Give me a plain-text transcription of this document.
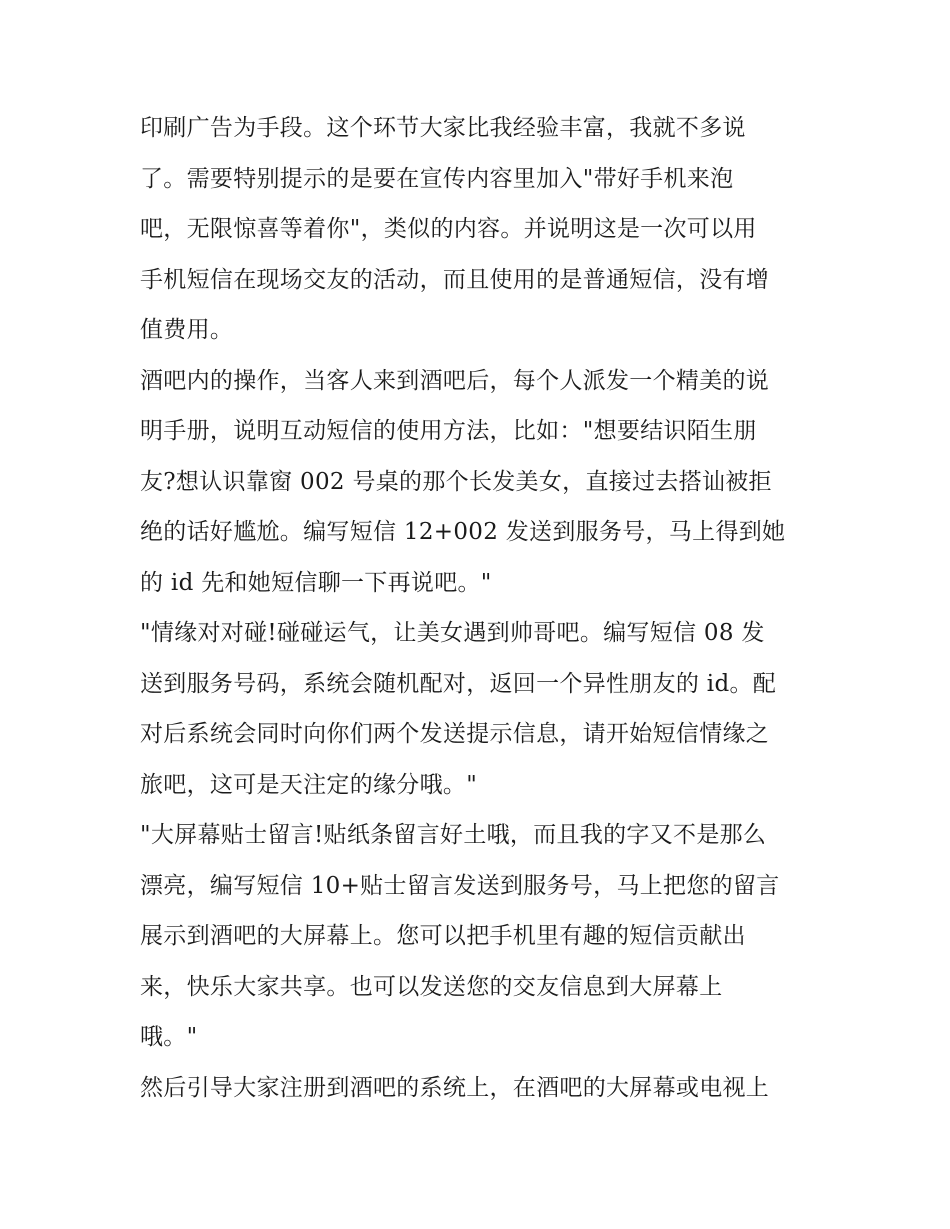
印刷广告为手段。这个环节大家比我经验丰富，我就不多说
了。需要特别提示的是要在宣传内容里加入"带好手机来泡
吧，无限惊喜等着你"，类似的内容。并说明这是一次可以用
手机短信在现场交友的活动，而且使用的是普通短信，没有增
值费用。
酒吧内的操作，当客人来到酒吧后，每个人派发一个精美的说
明手册，说明互动短信的使用方法，比如："想要结识陌生朋
友?想认识靠窗 002 号桌的那个长发美女，直接过去搭讪被拒
绝的话好尴尬。编写短信 12+002 发送到服务号，马上得到她
的 id 先和她短信聊一下再说吧。"
"情缘对对碰!碰碰运气，让美女遇到帅哥吧。编写短信 08 发
送到服务号码，系统会随机配对，返回一个异性朋友的 id。配
对后系统会同时向你们两个发送提示信息，请开始短信情缘之
旅吧，这可是天注定的缘分哦。"
"大屏幕贴士留言!贴纸条留言好土哦，而且我的字又不是那么
漂亮，编写短信 10+贴士留言发送到服务号，马上把您的留言
展示到酒吧的大屏幕上。您可以把手机里有趣的短信贡献出
来，快乐大家共享。也可以发送您的交友信息到大屏幕上
哦。"
然后引导大家注册到酒吧的系统上，在酒吧的大屏幕或电视上
